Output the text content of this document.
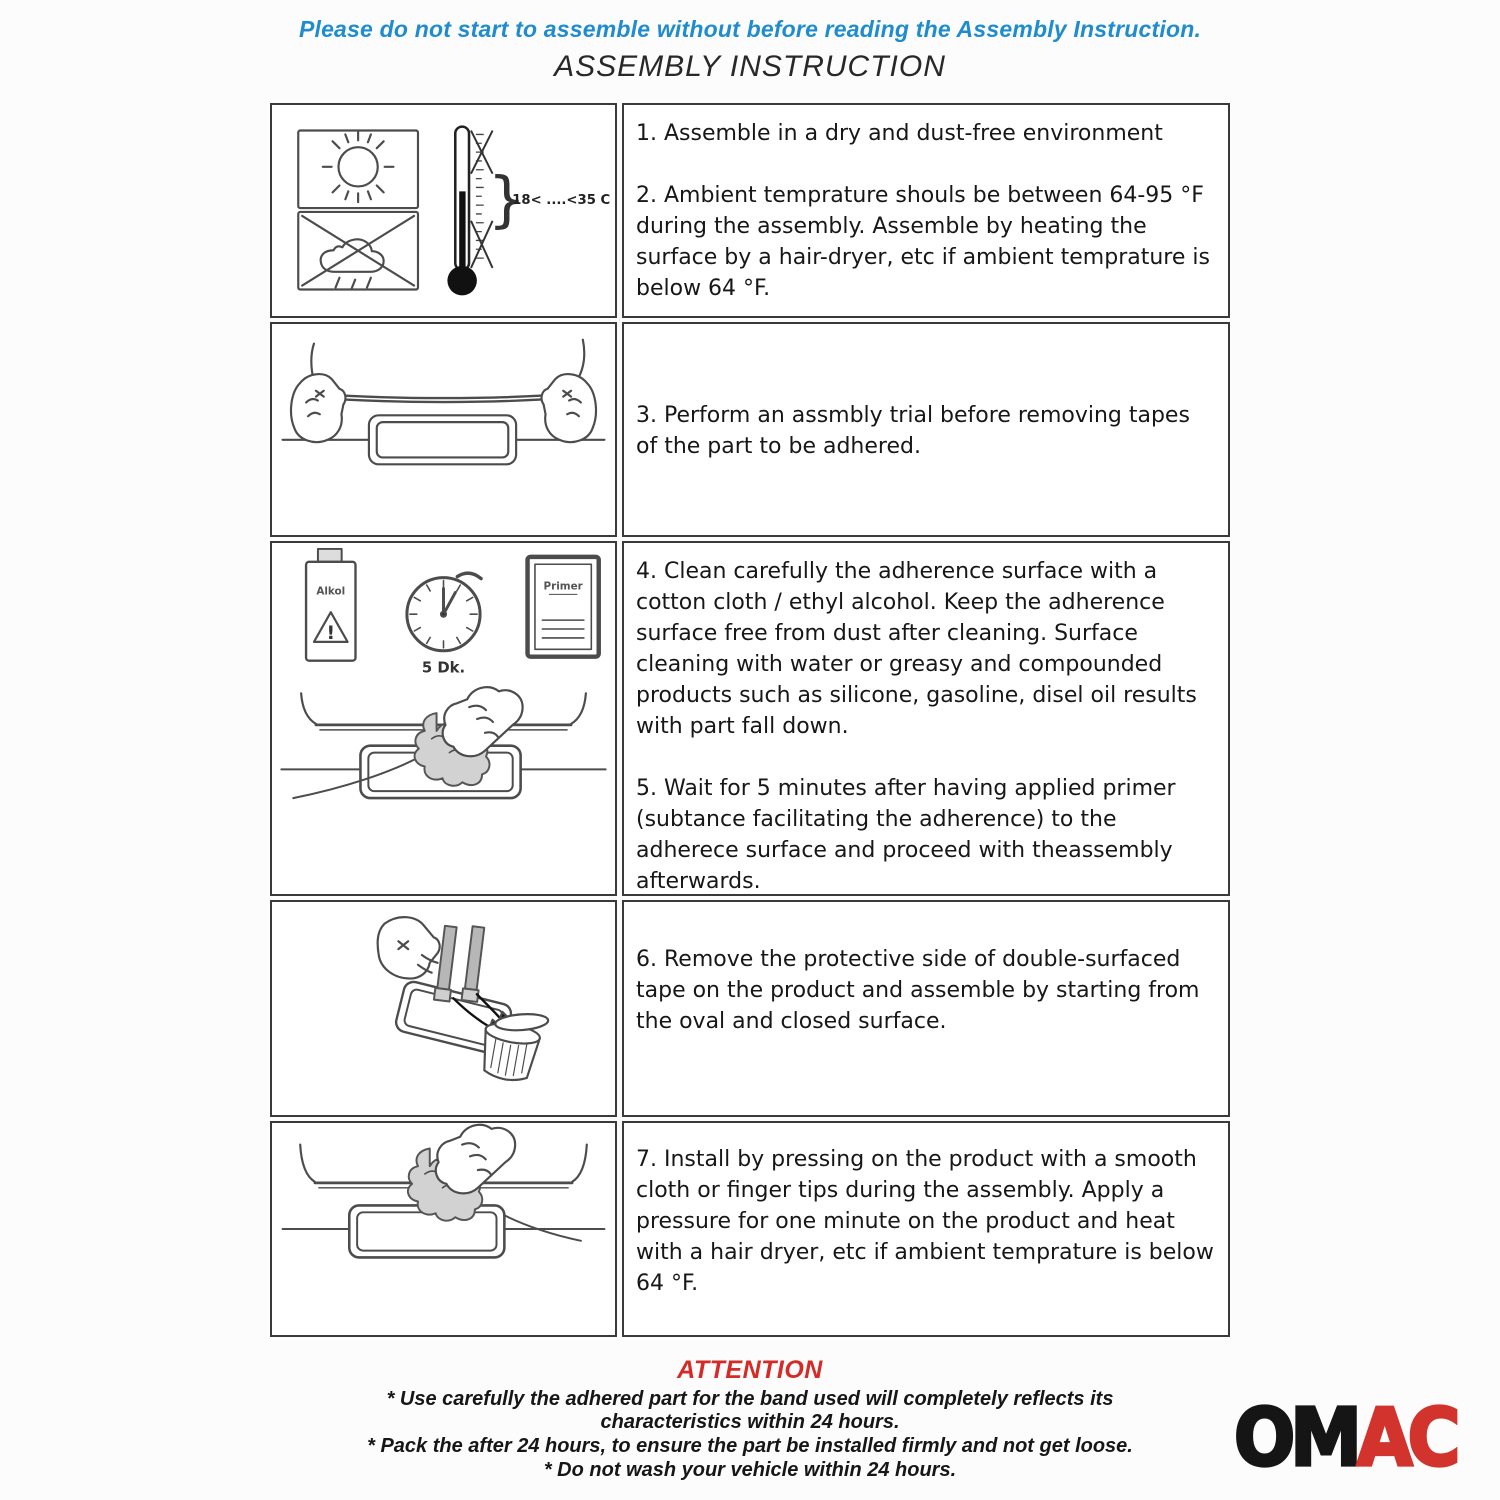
Please do not start to assemble without before reading the Assembly Instruction.
ASSEMBLY INSTRUCTION
}
18< ....<35 C

1. Assemble in a dry and dust-free environment

2. Ambient temprature shouls be between 64-95 °F during the assembly. Assemble by heating the surface by a hair-dryer, etc if ambient temprature is below 64 °F.

3. Perform an assmbly trial before removing tapes of the part to be adhered.

Alkol
!
5 Dk.
Primer

4. Clean carefully the adherence surface with a cotton cloth / ethyl alcohol. Keep the adherence surface free from dust after cleaning. Surface cleaning with water or greasy and compounded products such as silicone, gasoline, disel oil results with part fall down.

5. Wait for 5 minutes after having applied primer (subtance facilitating the adherence) to the adherece surface and proceed with theassembly afterwards.

6. Remove the protective side of double-surfaced tape on the product and assemble by starting from the oval and closed surface.

7. Install by pressing on the product with a smooth cloth or finger tips during the assembly. Apply a pressure for one minute on the product and heat with a hair dryer, etc if ambient temprature is below 64 °F.

ATTENTION
* Use carefully the adhered part for the band used will completely reflects its characteristics within 24 hours.
* Pack the after 24 hours, to ensure the part be installed firmly and not get loose.
* Do not wash your vehicle within 24 hours.	OMAC
